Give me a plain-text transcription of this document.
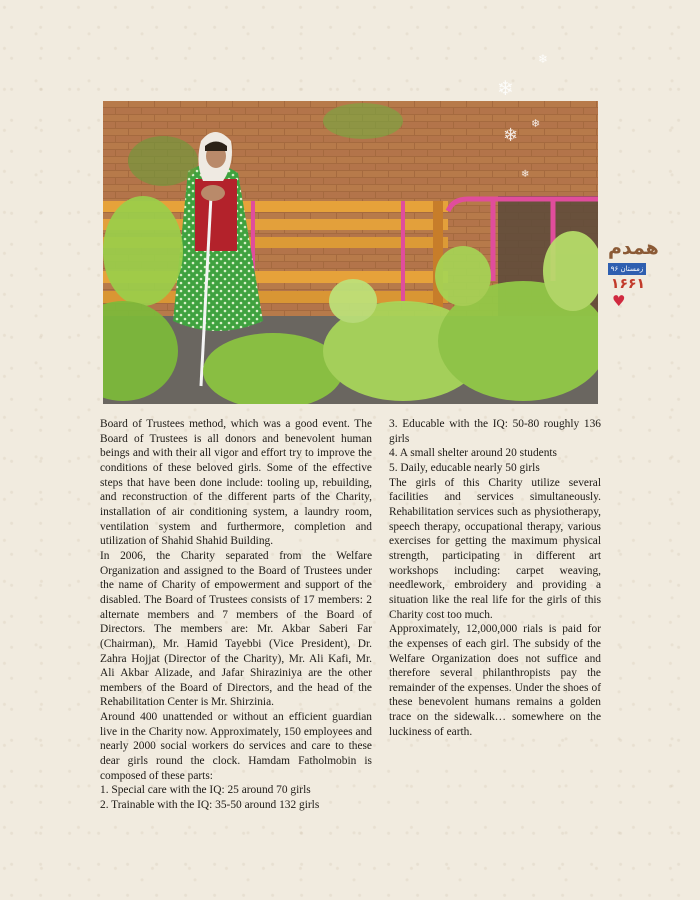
❄
❄
❄
❄
❄
همدم
زمستان ۹۶
۱۶۶۱
♥

Board of Trustees method, which was a good event. The Board of Trustees is all donors and benevolent human beings and with their all vigor and effort try to improve the conditions of these beloved girls. Some of the effective steps that have been done include: tooling up, rebuilding, and reconstruction of the different parts of the Charity, installation of air conditioning system, a laundry room, ventilation system and furthermore, completion and utilization of Shahid Shahid Building.

In 2006, the Charity separated from the Welfare Organization and assigned to the Board of Trustees under the name of Charity of empowerment and support of the disabled. The Board of Trustees consists of 17 members: 2 alternate members and 7 members of the Board of Directors. The members are: Mr. Akbar Saberi Far (Chairman), Mr. Hamid Tayebbi (Vice President), Dr. Zahra Hojjat (Director of the Charity), Mr. Ali Kafi, Mr. Ali Akbar Alizade, and Jafar Shiraziniya are the other members of the Board of Directors, and the head of the Rehabilitation Center is Mr. Shirzinia.

Around 400 unattended or without an efficient guardian live in the Charity now. Approximately, 150 employees and nearly 2000 social workers do services and care to these dear girls round the clock. Hamdam Fatholmobin is composed of these parts:

1. Special care with the IQ: 25 around 70 girls

2. Trainable with the IQ: 35-50 around 132 girls

3. Educable with the IQ: 50-80 roughly 136 girls

4. A small shelter around 20 students

5. Daily, educable nearly 50 girls

The girls of this Charity utilize several facilities and services simultaneously. Rehabilitation services such as physiotherapy, speech therapy, occupational therapy, various exercises for getting the maximum physical strength, participating in different art workshops including: carpet weaving, needlework, embroidery and providing a situation like the real life for the girls of this Charity cost too much.

Approximately, 12,000,000 rials is paid for the expenses of each girl. The subsidy of the Welfare Organization does not suffice and therefore several philanthropists pay the remainder of the expenses. Under the shoes of these benevolent humans remains a golden trace on the sidewalk… somewhere on the luckiness of earth.
